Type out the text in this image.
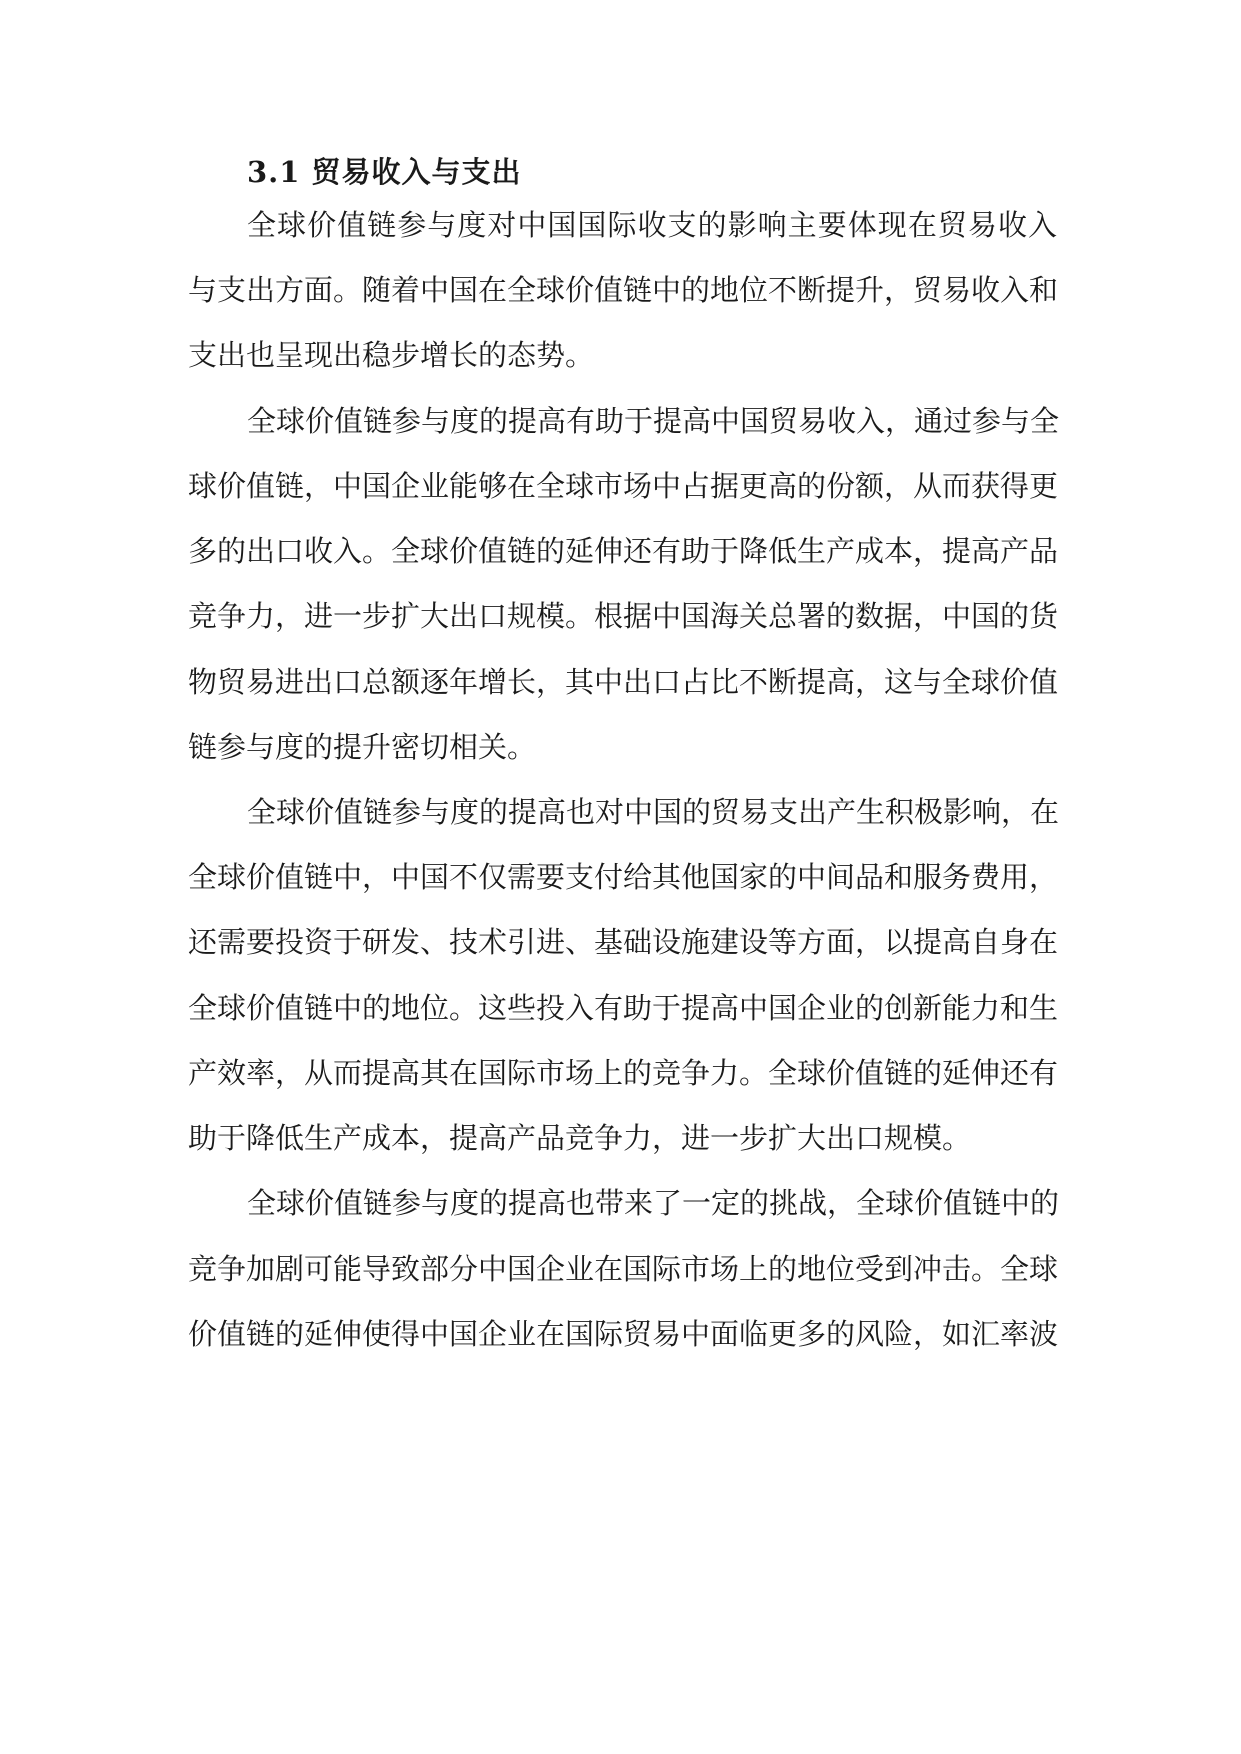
3.1 贸易收入与支出

全球价值链参与度对中国国际收支的影响主要体现在贸易收入

与支出方面。随着中国在全球价值链中的地位不断提升，贸易收入和

支出也呈现出稳步增长的态势。

全球价值链参与度的提高有助于提高中国贸易收入，通过参与全

球价值链，中国企业能够在全球市场中占据更高的份额，从而获得更

多的出口收入。全球价值链的延伸还有助于降低生产成本，提高产品

竞争力，进一步扩大出口规模。根据中国海关总署的数据，中国的货

物贸易进出口总额逐年增长，其中出口占比不断提高，这与全球价值

链参与度的提升密切相关。

全球价值链参与度的提高也对中国的贸易支出产生积极影响，在

全球价值链中，中国不仅需要支付给其他国家的中间品和服务费用，

还需要投资于研发、技术引进、基础设施建设等方面，以提高自身在

全球价值链中的地位。这些投入有助于提高中国企业的创新能力和生

产效率，从而提高其在国际市场上的竞争力。全球价值链的延伸还有

助于降低生产成本，提高产品竞争力，进一步扩大出口规模。

全球价值链参与度的提高也带来了一定的挑战，全球价值链中的

竞争加剧可能导致部分中国企业在国际市场上的地位受到冲击。全球

价值链的延伸使得中国企业在国际贸易中面临更多的风险，如汇率波
